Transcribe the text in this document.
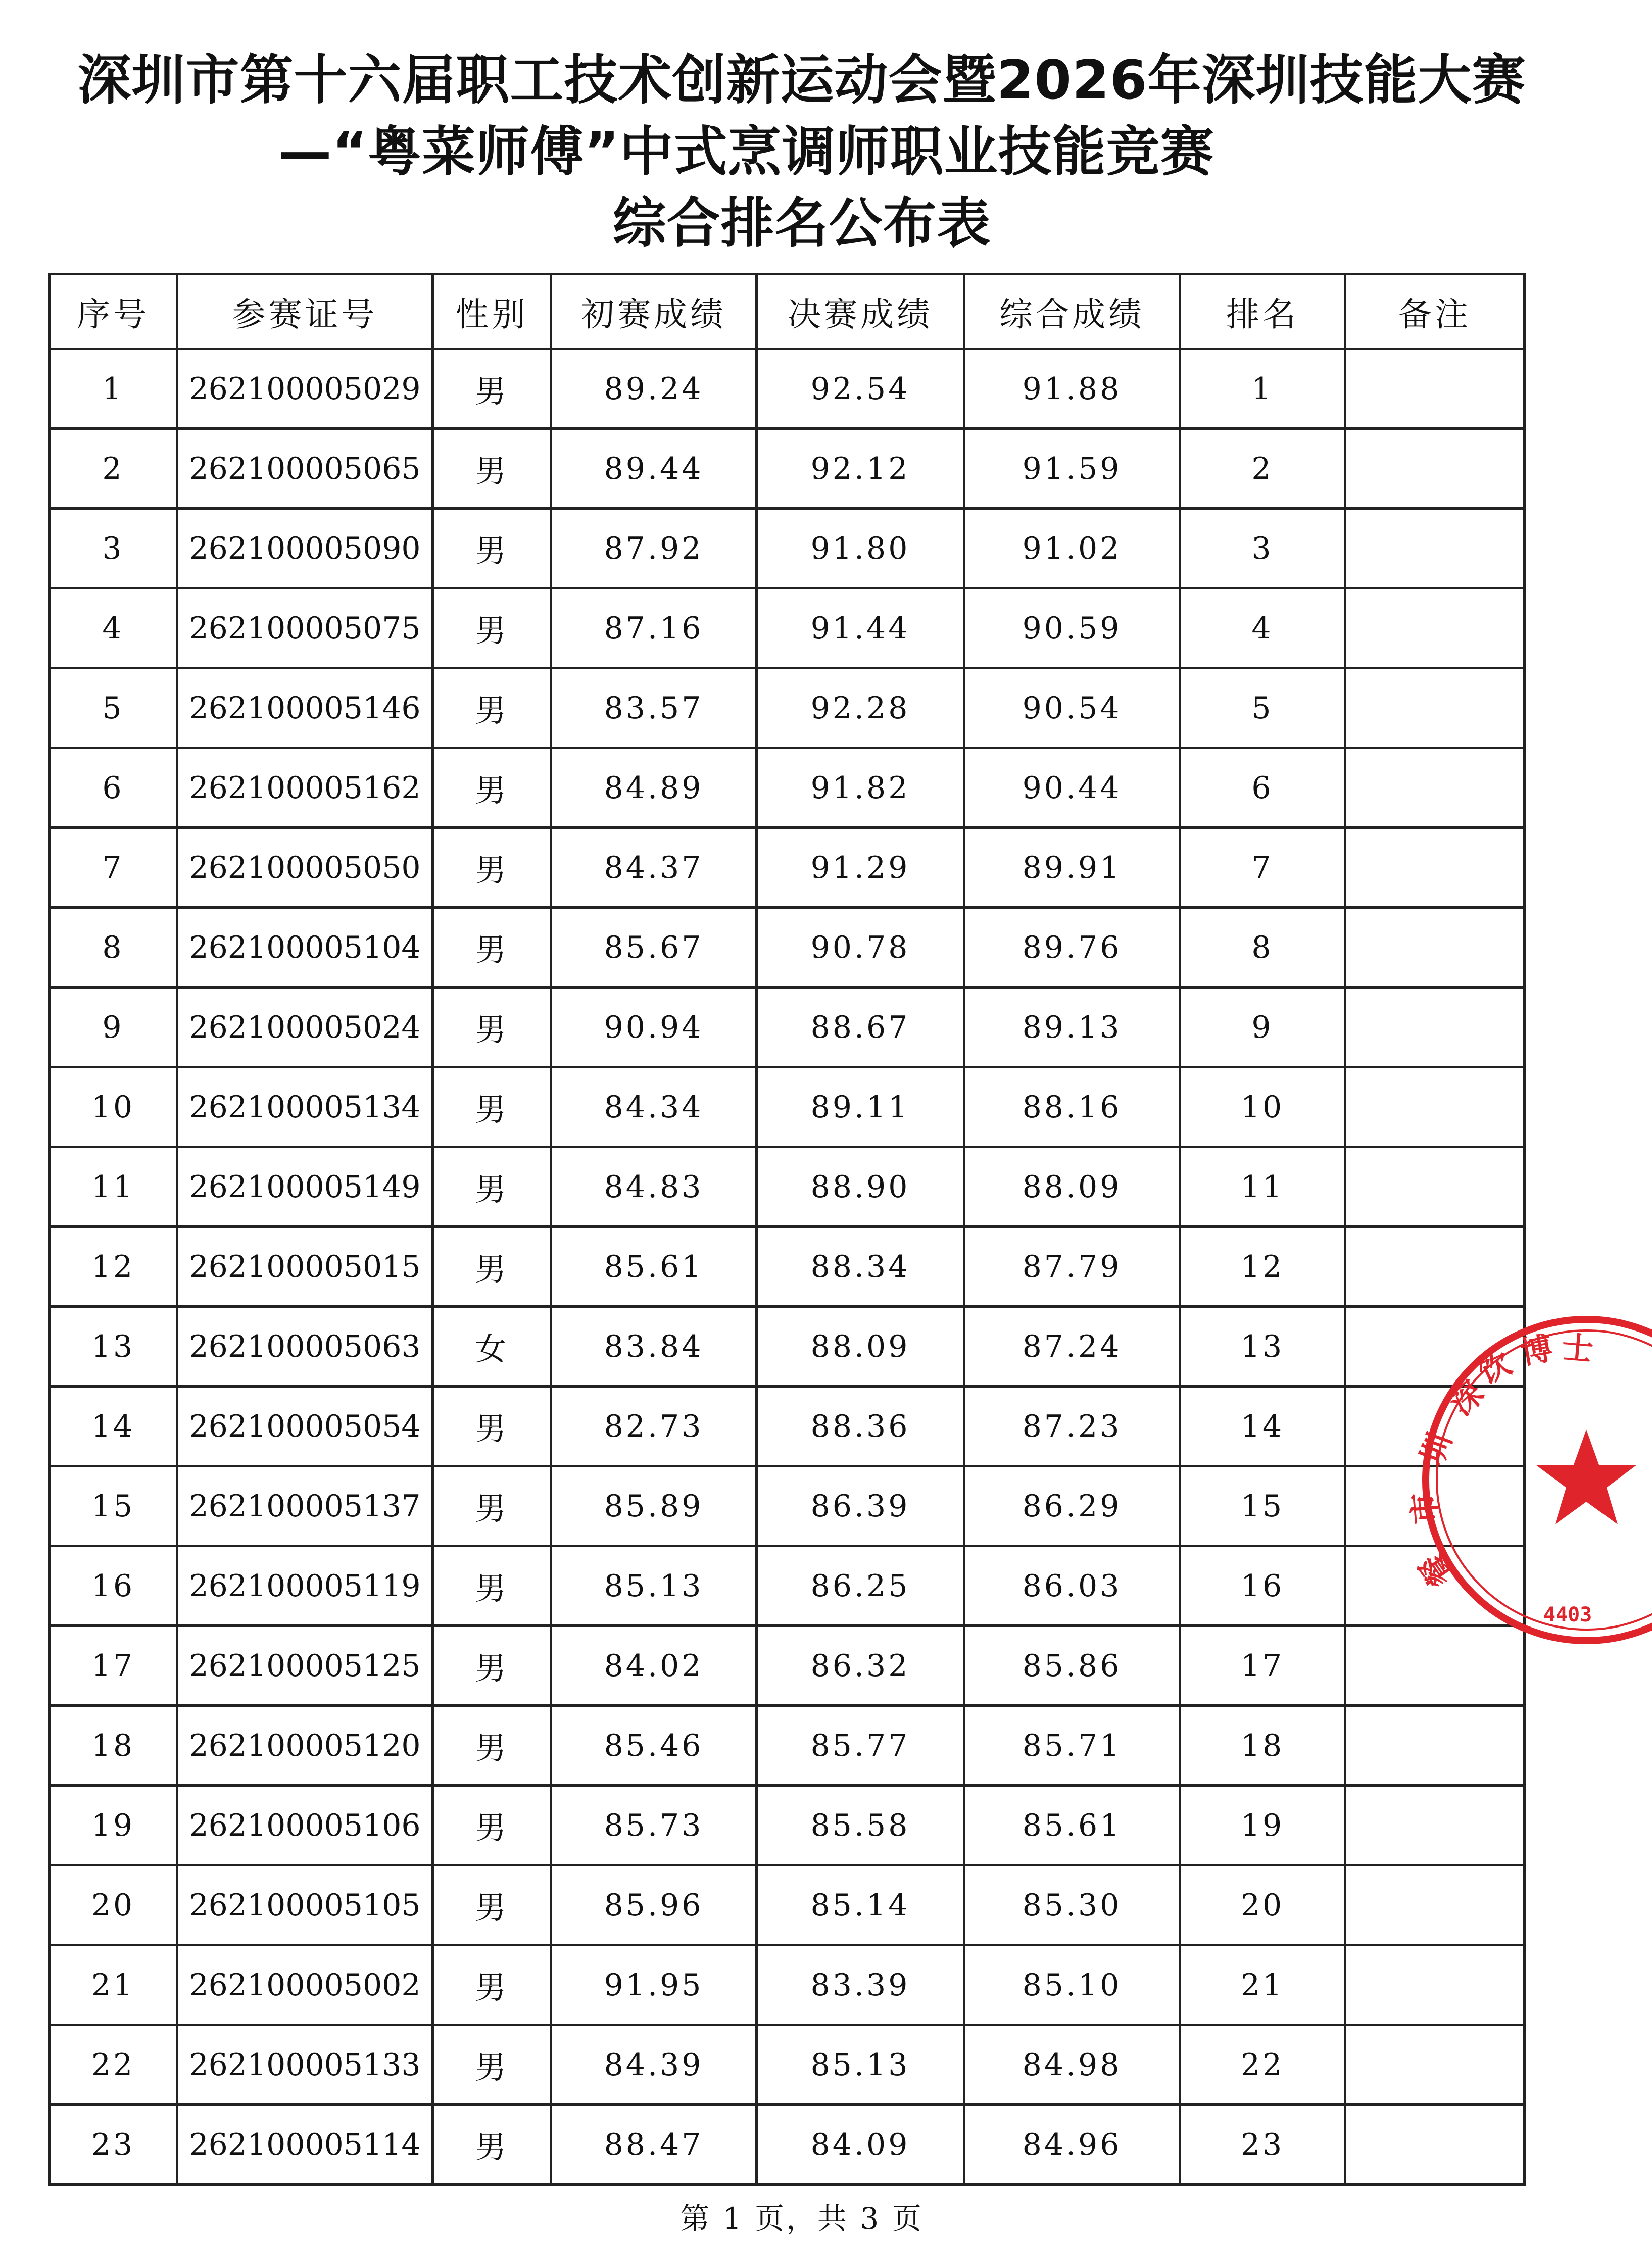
深圳市第十六届职工技术创新运动会暨2026年深圳技能大赛
—“粤菜师傅”中式烹调师职业技能竞赛
综合排名公布表
序号	参赛证号	性别	初赛成绩	决赛成绩	综合成绩	排名	备注
1	262100005029	男	89.24	92.54	91.88	1	
2	262100005065	男	89.44	92.12	91.59	2	
3	262100005090	男	87.92	91.80	91.02	3	
4	262100005075	男	87.16	91.44	90.59	4	
5	262100005146	男	83.57	92.28	90.54	5	
6	262100005162	男	84.89	91.82	90.44	6	
7	262100005050	男	84.37	91.29	89.91	7	
8	262100005104	男	85.67	90.78	89.76	8	
9	262100005024	男	90.94	88.67	89.13	9	
10	262100005134	男	84.34	89.11	88.16	10	
11	262100005149	男	84.83	88.90	88.09	11	
12	262100005015	男	85.61	88.34	87.79	12	
13	262100005063	女	83.84	88.09	87.24	13	
14	262100005054	男	82.73	88.36	87.23	14	
15	262100005137	男	85.89	86.39	86.29	15	
16	262100005119	男	85.13	86.25	86.03	16	
17	262100005125	男	84.02	86.32	85.86	17	
18	262100005120	男	85.46	85.77	85.71	18	
19	262100005106	男	85.73	85.58	85.61	19	
20	262100005105	男	85.96	85.14	85.30	20	
21	262100005002	男	91.95	83.39	85.10	21	
22	262100005133	男	84.39	85.13	84.98	22	
23	262100005114	男	88.47	84.09	84.96	23	
深
圳
市
餐
饮 博 士
4403
第 1 页，共 3 页
